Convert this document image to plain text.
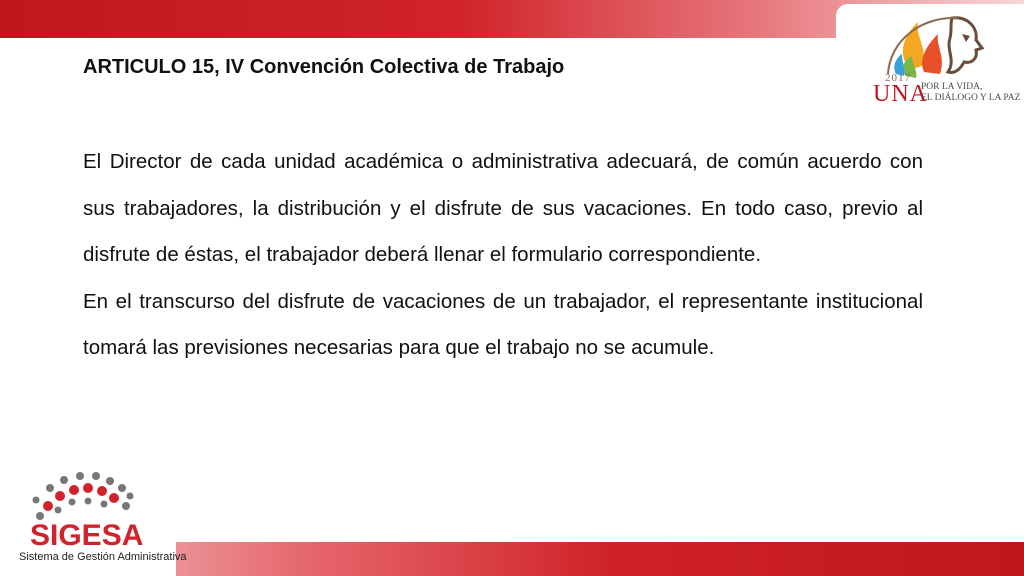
2017
UNA
POR LA VIDA,
EL DIÁLOGO Y LA PAZ
ARTICULO 15, IV Convención Colectiva de Trabajo

El Director de cada unidad académica o administrativa adecuará, de común acuerdo con sus trabajadores, la distribución y el disfrute de sus vacaciones. En todo caso, previo al disfrute de éstas, el trabajador deberá llenar el formulario correspondiente.

En el transcurso del disfrute de vacaciones de un trabajador, el representante institucional tomará las previsiones necesarias para que el trabajo no se acumule.

SIGESA
Sistema de Gestión Administrativa
